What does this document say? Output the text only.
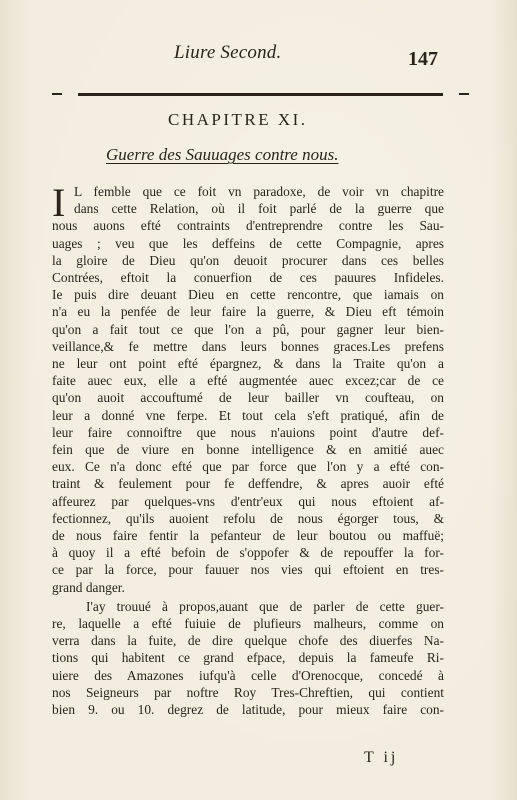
Liure Second.	147
CHAPITRE XI.
Guerre des Sauuages contre nous.
I L femble que ce foit vn paradoxe, de voir vn chapitre
dans cette Relation, où il foit parlé de la guerre que
nous auons efté contraints d'entreprendre contre les Sau-
uages ; veu que les deffeins de cette Compagnie, apres
la gloire de Dieu qu'on deuoit procurer dans ces belles
Contrées, eftoit la conuerfion de ces pauures Infideles.
Ie puis dire deuant Dieu en cette rencontre, que iamais on
n'a eu la penfée de leur faire la guerre, & Dieu eft témoin
qu'on a fait tout ce que l'on a pû, pour gagner leur bien-
veillance,& fe mettre dans leurs bonnes graces.Les prefens
ne leur ont point efté épargnez, & dans la Traite qu'on a
faite auec eux, elle a efté augmentée auec excez;car de ce
qu'on auoit accouftumé de leur bailler vn coufteau, on
leur a donné vne ferpe. Et tout cela s'eft pratiqué, afin de
leur faire connoiftre que nous n'auions point d'autre def-
fein que de viure en bonne intelligence & en amitié auec
eux. Ce n'a donc efté que par force que l'on y a efté con-
traint & feulement pour fe deffendre, & apres auoir efté
affeurez par quelques-vns d'entr'eux qui nous eftoient af-
fectionnez, qu'ils auoient refolu de nous égorger tous, &
de nous faire fentir la pefanteur de leur boutou ou maffuë;
à quoy il a efté befoin de s'oppofer & de repouffer la for-
ce par la force, pour fauuer nos vies qui eftoient en tres-
grand danger.
I'ay trouué à propos,auant que de parler de cette guer-
re, laquelle a efté fuiuie de plufieurs malheurs, comme on
verra dans la fuite, de dire quelque chofe des diuerfes Na-
tions qui habitent ce grand efpace, depuis la fameufe Ri-
uiere des Amazones iufqu'à celle d'Orenocque, concedé à
nos Seigneurs par noftre Roy Tres-Chreftien, qui contient
bien 9. ou 10. degrez de latitude, pour mieux faire con-
T ij
